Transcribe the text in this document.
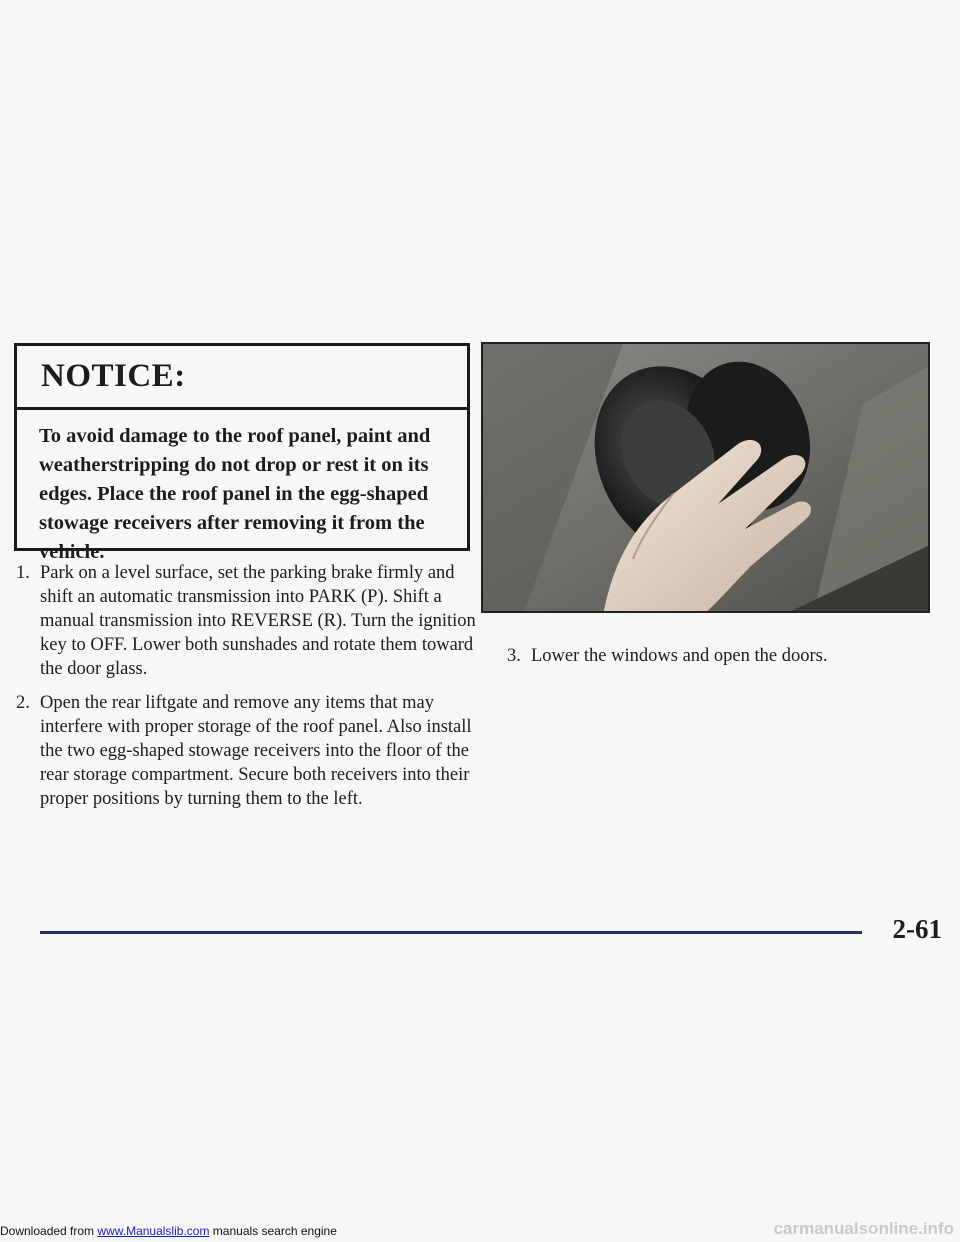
NOTICE:
To avoid damage to the roof panel, paint and weatherstripping do not drop or rest it on its edges. Place the roof panel in the egg-shaped stowage receivers after removing it from the vehicle.
1. Park on a level surface, set the parking brake firmly and shift an automatic transmission into PARK (P). Shift a manual transmission into REVERSE (R). Turn the ignition key to OFF. Lower both sunshades and rotate them toward the door glass.
2. Open the rear liftgate and remove any items that may interfere with proper storage of the roof panel. Also install the two egg-shaped stowage receivers into the floor of the rear storage compartment. Secure both receivers into their proper positions by turning them to the left.
3. Lower the windows and open the doors.
2-61
Downloaded from www.Manualslib.com manuals search engine	carmanualsonline.info
